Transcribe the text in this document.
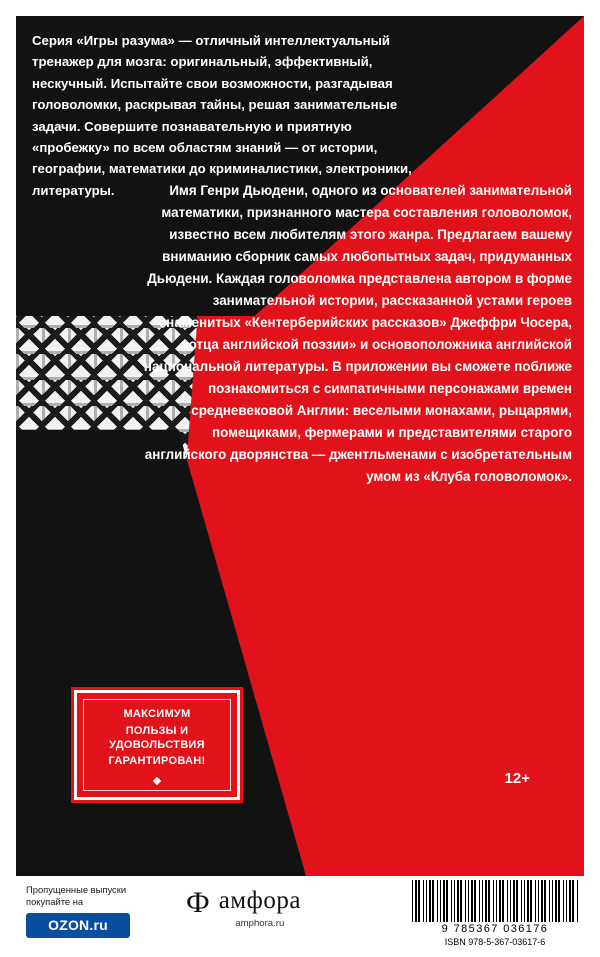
Серия «Игры разума» — отличный интеллектуальный тренажер для мозга: оригинальный, эффективный, нескучный. Испытайте свои возможности, разгадывая головоломки, раскрывая тайны, решая занимательные задачи. Совершите познавательную и приятную «пробежку» по всем областям знаний — от истории, географии, математики до криминалистики, электроники, литературы.	Имя Генри Дьюдени, одного из основателей занимательной математики, признанного мастера составления головоломок, известно всем любителям этого жанра. Предлагаем вашему вниманию сборник самых любопытных задач, придуманных Дьюдени. Каждая головоломка представлена автором в форме занимательной истории, рассказанной устами героев знаменитых «Кентерберийских рассказов» Джеффри Чосера, «отца английской поэзии» и основоположника английской национальной литературы. В приложении вы сможете поближе познакомиться с симпатичными персонажами времен средневековой Англии: веселыми монахами, рыцарями, помещиками, фермерами и представителями старого английского дворянства — джентльменами с изобретательным умом из «Клуба головоломок».
МАКСИМУМ
ПОЛЬЗЫ И УДОВОЛЬСТВИЯ
ГАРАНТИРОВАН!
12+
Пропущенные выпуски
покупайте на
OZON.ru
Ф амфора
amphora.ru	9 785367 036176
ISBN 978-5-367-03617-6
